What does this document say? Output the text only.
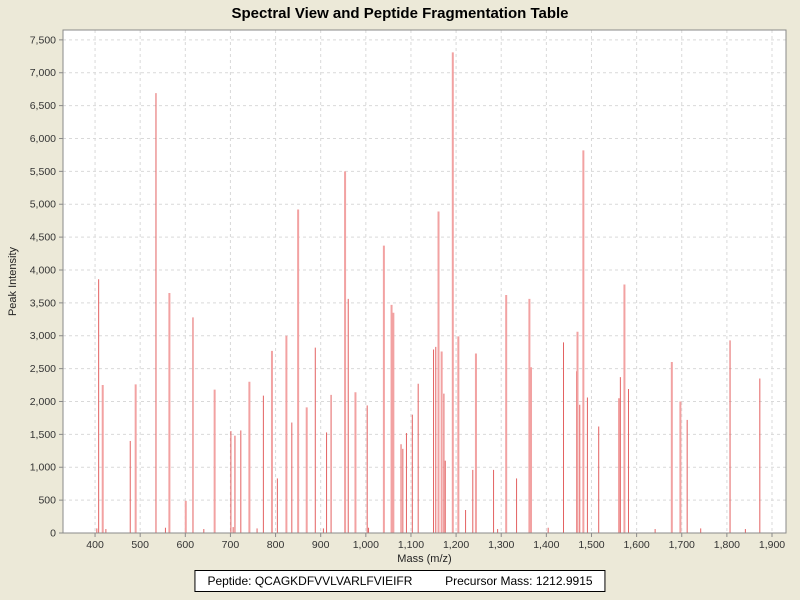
Spectral View and Peptide Fragmentation Table
0
500
1,000
1,500
2,000
2,500
3,000
3,500
4,000
4,500
5,000
5,500
6,000
6,500
7,000
7,500
400	500	600	700	800	900 1,000 1,100 1,200 1,300 1,400 1,500 1,600 1,700 1,800 1,900
Peak Intensity
Mass (m/z)
Peptide: QCAGKDFVVLVARLFVIEIFR	Precursor Mass: 1212.9915
